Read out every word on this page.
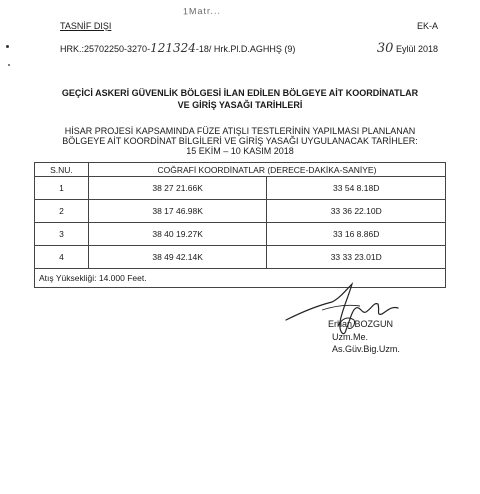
1Matr...
TASNİF DIŞI	EK-A
HRK.:25702250-3270-121324-18/ Hrk.Pl.D.AGHHŞ (9)	30 Eylül 2018
GEÇİCİ ASKERİ GÜVENLİK BÖLGESİ İLAN EDİLEN BÖLGEYE AİT KOORDİNATLAR
VE GİRİŞ YASAĞI TARİHLERİ
HİSAR PROJESİ KAPSAMINDA FÜZE ATIŞLI TESTLERİNİN YAPILMASI PLANLANAN
BÖLGEYE AİT KOORDİNAT BİLGİLERİ VE GİRİŞ YASAĞI UYGULANACAK TARİHLER:
15 EKİM – 10 KASIM 2018
S.NU.	COĞRAFİ KOORDİNATLAR (DERECE-DAKİKA-SANİYE)	
1	38 27 21.66K	33 54 8.18D
2	38 17 46.98K	33 36 22.10D
3	38 40 19.27K	33 16 8.86D
4	38 49 42.14K	33 33 23.01D
Atış Yüksekliği: 14.000 Feet.		
Erhan BOZGUN
Uzm.Me.
As.Güv.Big.Uzm.
